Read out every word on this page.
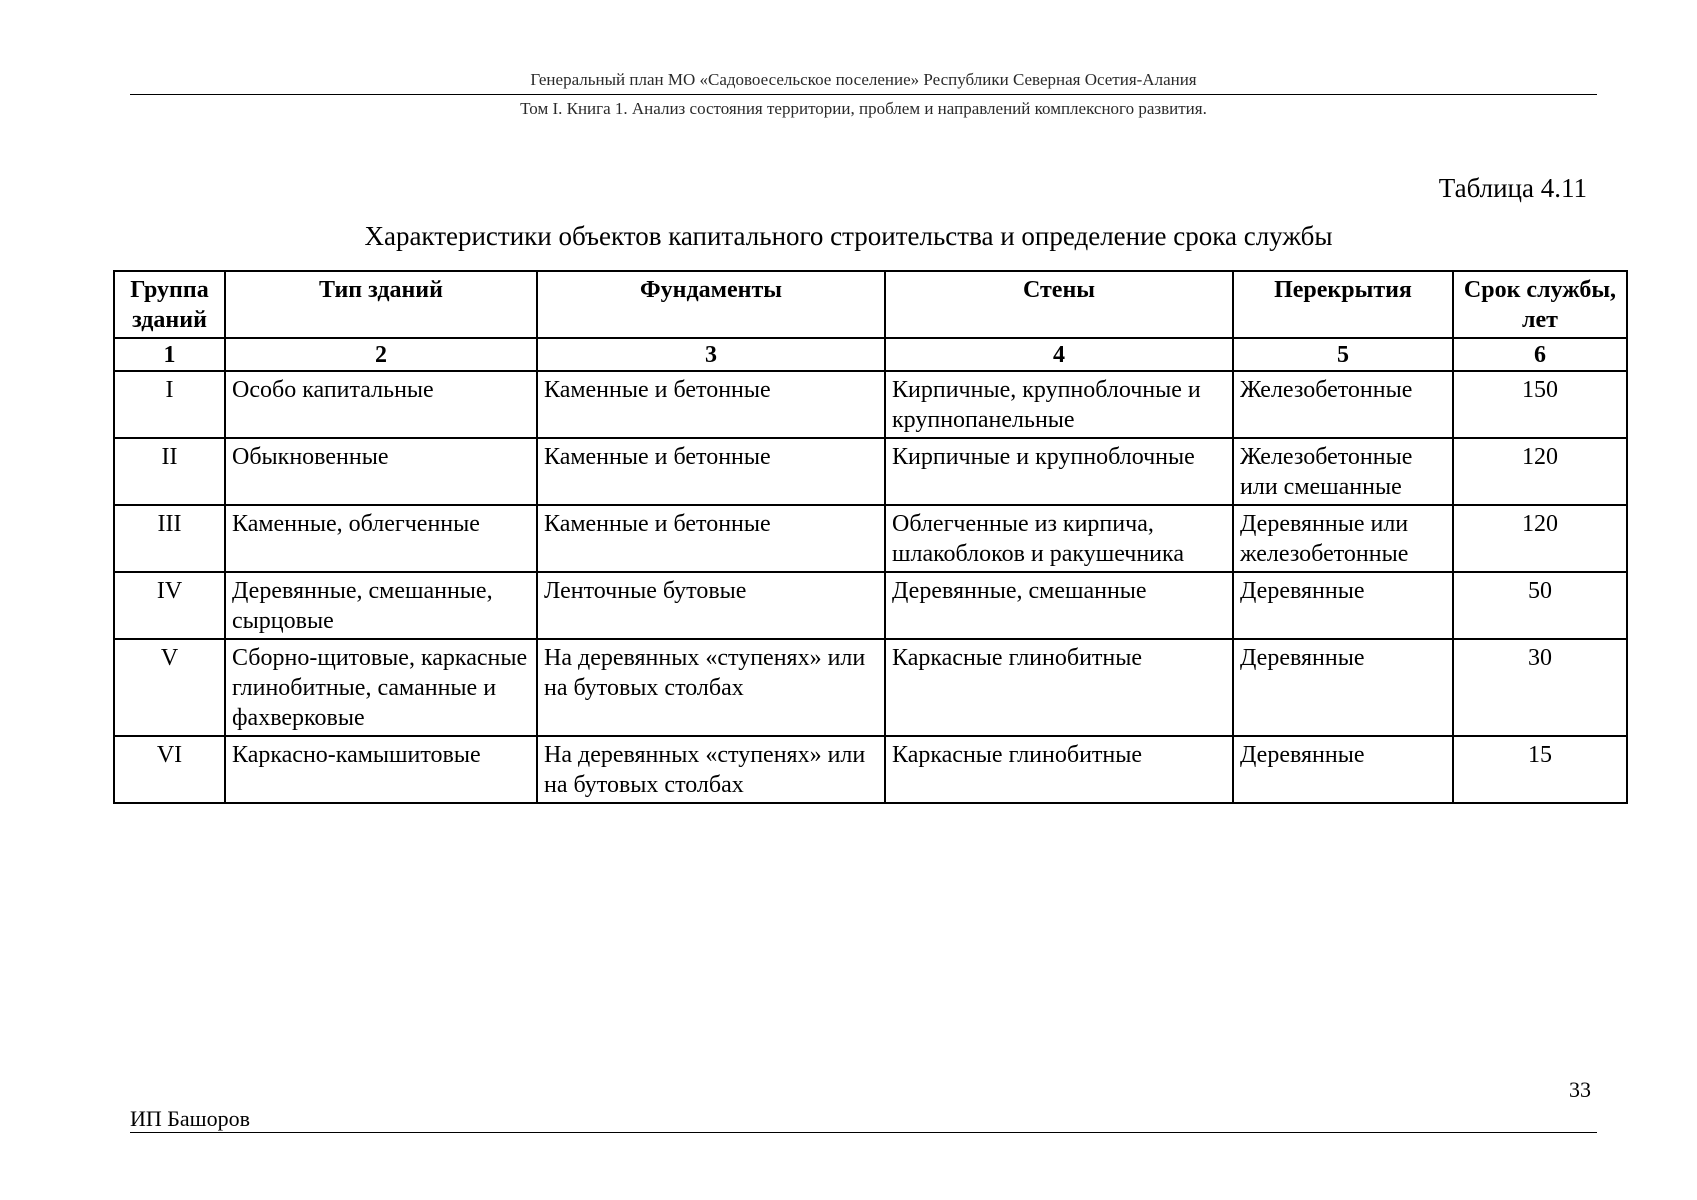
Генеральный план МО «Садовоесельское поселение» Республики Северная Осетия-Алания
Том I. Книга 1. Анализ состояния территории, проблем и направлений комплексного развития.
Таблица 4.11
Характеристики объектов капитального строительства и определение срока службы
Группа зданий	Тип зданий	Фундаменты	Стены	Перекрытия	Срок службы, лет
1	2	3	4	5	6
I	Особо капитальные	Каменные и бетонные	Кирпичные, крупноблочные и крупнопанельные	Железобетонные	150
II	Обыкновенные	Каменные и бетонные	Кирпичные и крупноблочные	Железобетонные или смешанные	120
III	Каменные, облегченные	Каменные и бетонные	Облегченные из кирпича, шлакоблоков и ракушечника	Деревянные или железобетонные	120
IV	Деревянные, смешанные, сырцовые	Ленточные бутовые	Деревянные, смешанные	Деревянные	50
V	Сборно-щитовые, каркасные глинобитные, саманные и фахверковые	На деревянных «ступенях» или на бутовых столбах	Каркасные глинобитные	Деревянные	30
VI	Каркасно-камышитовые	На деревянных «ступенях» или на бутовых столбах	Каркасные глинобитные	Деревянные	15
33
ИП Башоров
